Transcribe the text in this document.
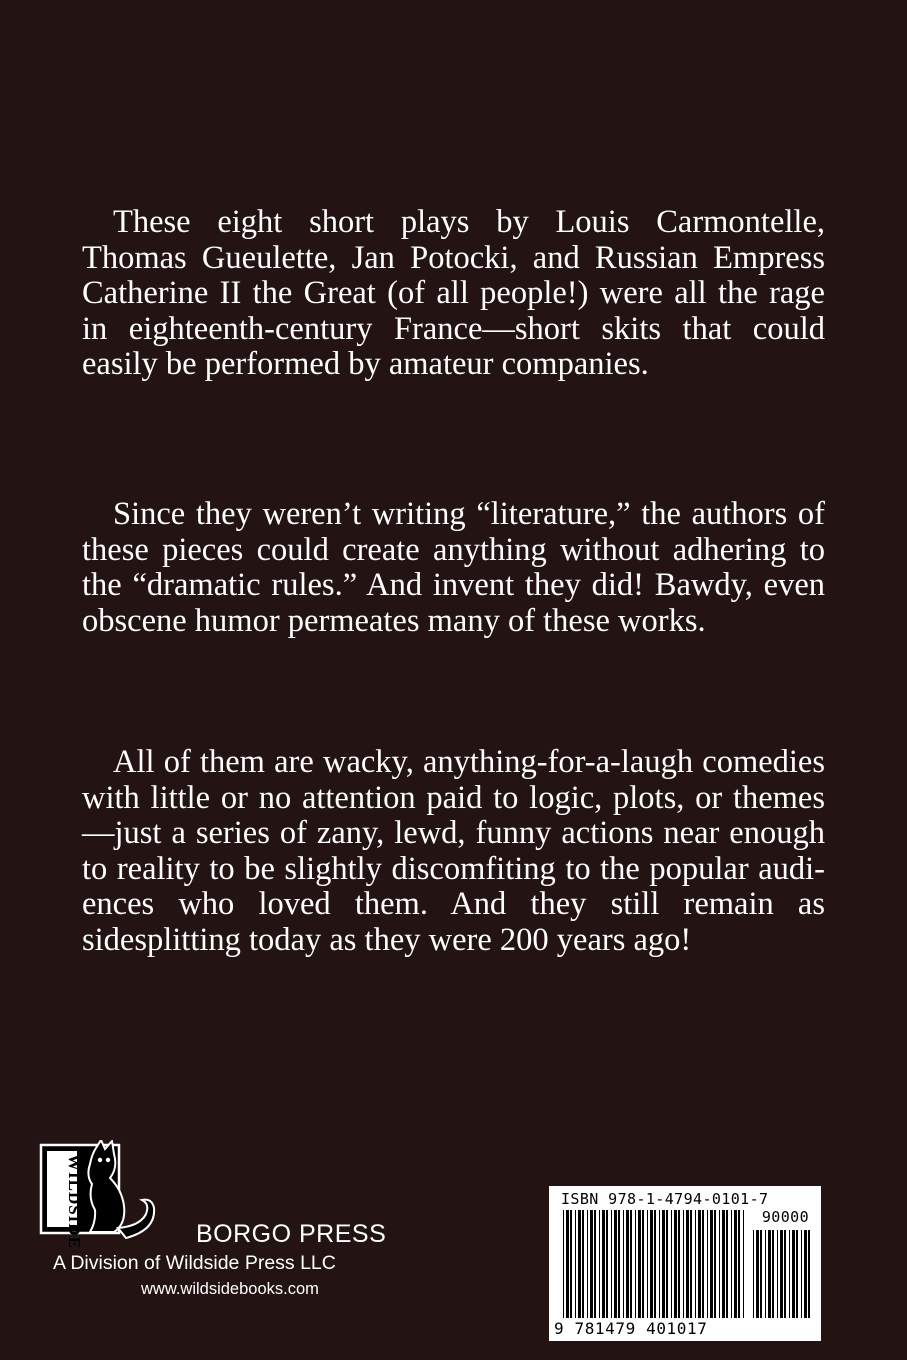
These eight short plays by Louis Carmontelle, Thomas Gueulette, Jan Potocki, and Russian Empress Catherine II the Great (of all people!) were all the rage in eighteenth-century France—short skits that could easily be performed by amateur companies.

Since they weren’t writing “literature,” the authors of these pieces could create anything without adhering to the “dramatic rules.” And invent they did! Bawdy, even obscene humor permeates many of these works.

All of them are wacky, anything-for-a-laugh comedies with little or no attention paid to logic, plots, or themes—just a series of zany, lewd, funny actions near enough to reality to be slightly discomfiting to the popular audiences who loved them. And they still remain as sidesplitting today as they were 200 years ago!

WILDSIDE	BORGO PRESS

A Division of Wildside Press LLC

www.wildsidebooks.com

ISBN 978-1-4794-0101-7
90000
9 781479 401017
